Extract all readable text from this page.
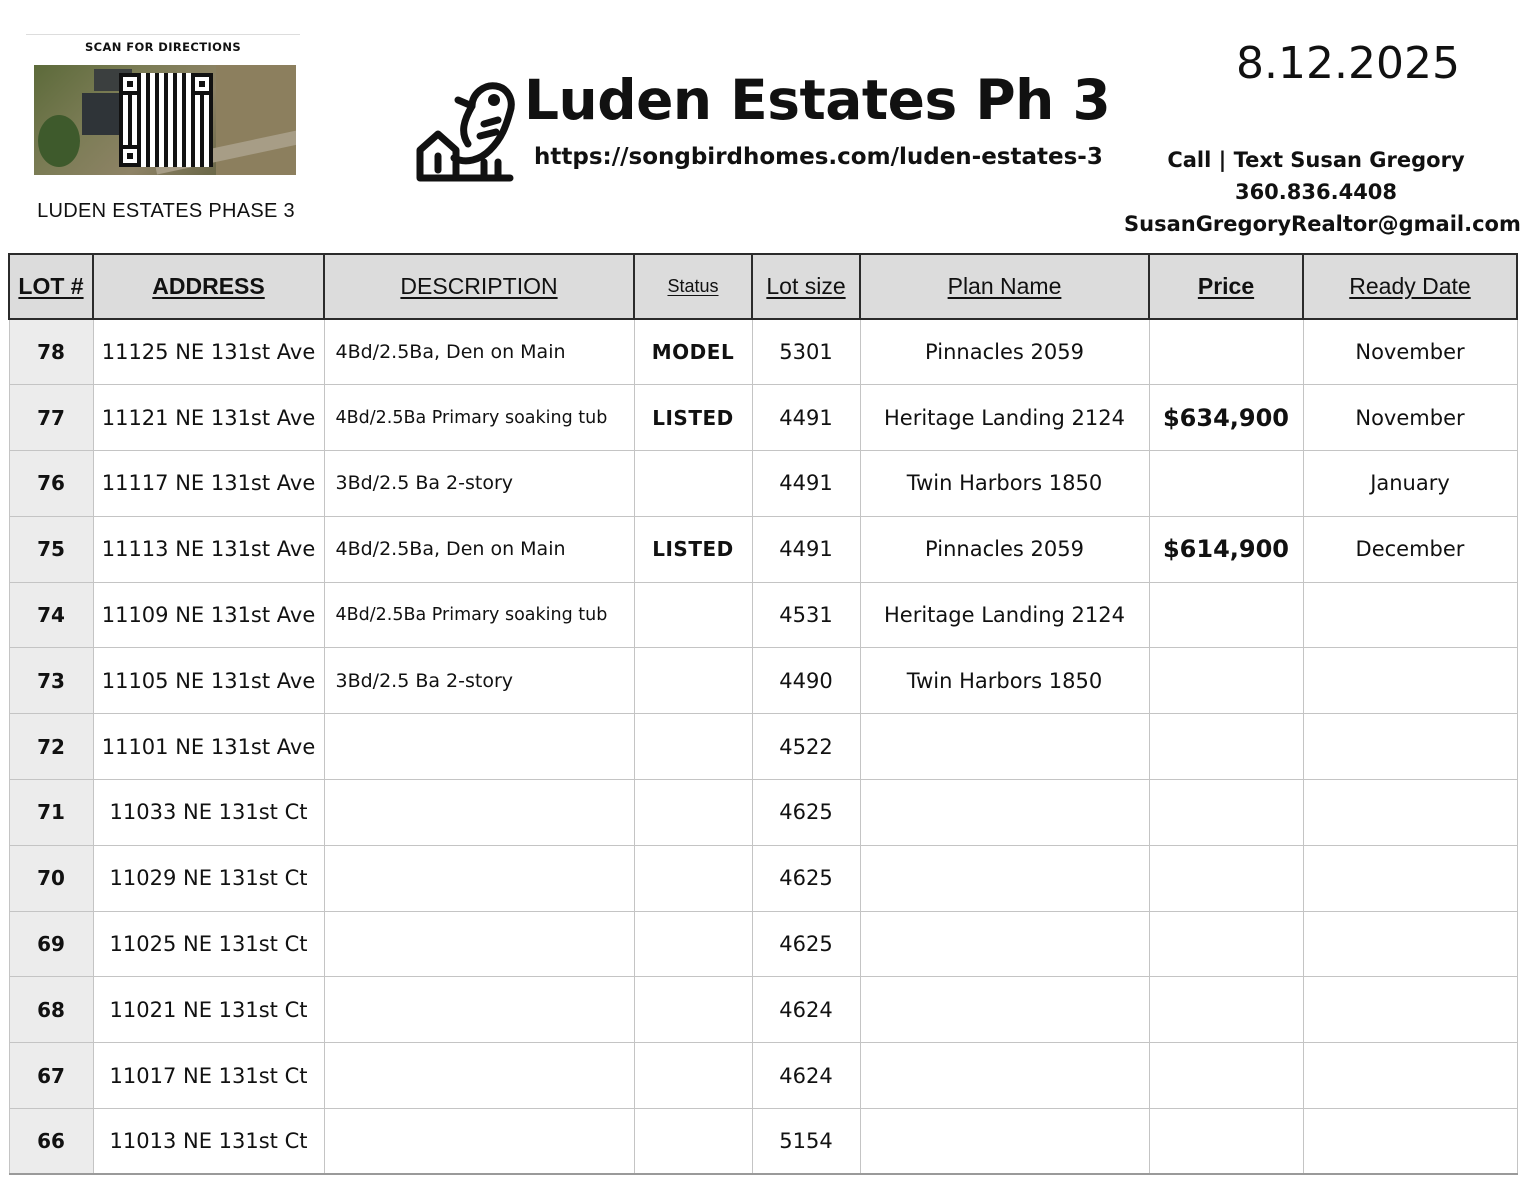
SCAN FOR DIRECTIONS
LUDEN ESTATES PHASE 3
Luden Estates Ph 3
https://songbirdhomes.com/luden-estates-3
8.12.2025
Call | Text Susan Gregory
360.836.4408
SusanGregoryRealtor@gmail.com
LOT #	ADDRESS	DESCRIPTION	Status	Lot size	Plan Name	Price	Ready Date
78	11125 NE 131st Ave	4Bd/2.5Ba, Den on Main	MODEL	5301	Pinnacles 2059		November
77	11121 NE 131st Ave	4Bd/2.5Ba Primary soaking tub	LISTED	4491	Heritage Landing 2124	$634,900	November
76	11117 NE 131st Ave	3Bd/2.5 Ba 2-story		4491	Twin Harbors 1850		January
75	11113 NE 131st Ave	4Bd/2.5Ba, Den on Main	LISTED	4491	Pinnacles 2059	$614,900	December
74	11109 NE 131st Ave	4Bd/2.5Ba Primary soaking tub		4531	Heritage Landing 2124		
73	11105 NE 131st Ave	3Bd/2.5 Ba 2-story		4490	Twin Harbors 1850		
72	11101 NE 131st Ave			4522			
71	11033 NE 131st Ct			4625			
70	11029 NE 131st Ct			4625			
69	11025 NE 131st Ct			4625			
68	11021 NE 131st Ct			4624			
67	11017 NE 131st Ct			4624			
66	11013 NE 131st Ct			5154			
